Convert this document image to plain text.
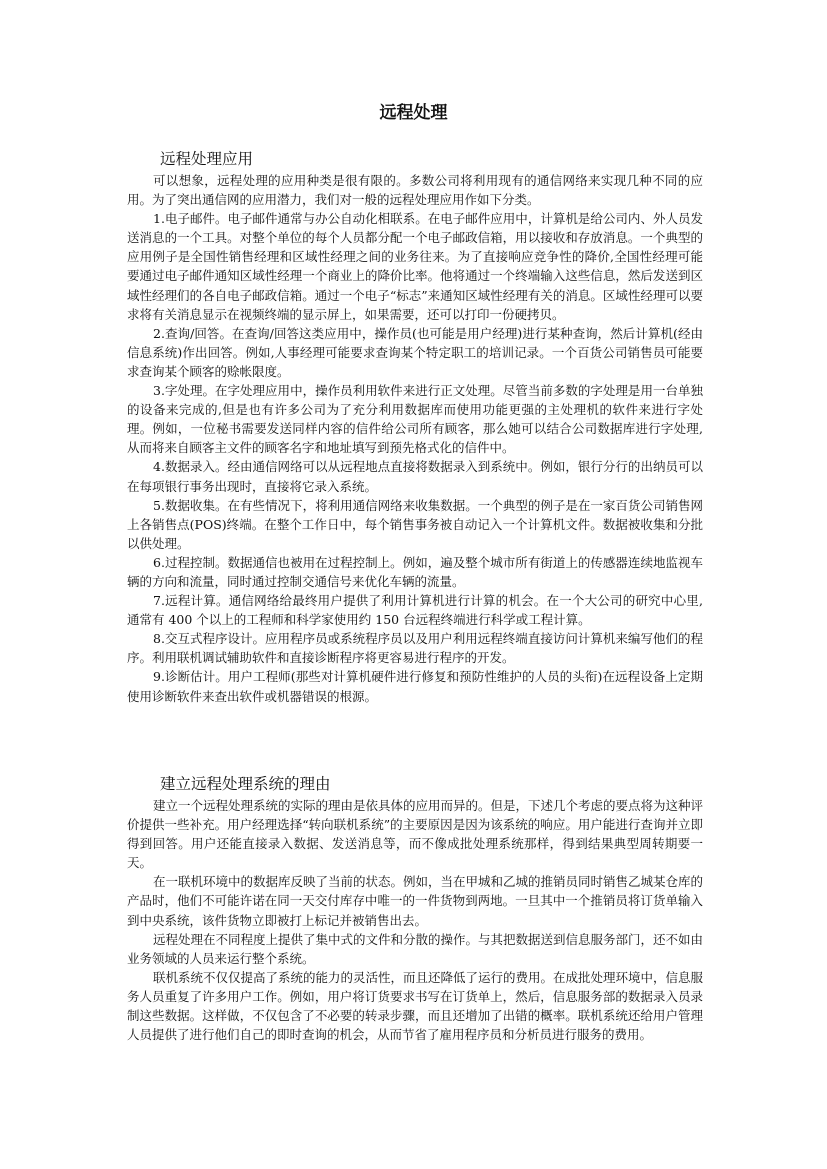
远程处理
远程处理应用

可以想象，远程处理的应用种类是很有限的。多数公司将利用现有的通信网络来实现几种不同的应用。为了突出通信网的应用潜力，我们对一般的远程处理应用作如下分类。

1.电子邮件。电子邮件通常与办公自动化相联系。在电子邮件应用中，计算机是给公司内、外人员发送消息的一个工具。对整个单位的每个人员都分配一个电子邮政信箱，用以接收和存放消息。一个典型的应用例子是全国性销售经理和区域性经理之间的业务往来。为了直接响应竞争性的降价,全国性经理可能要通过电子邮件通知区域性经理一个商业上的降价比率。他将通过一个终端输入这些信息，然后发送到区域性经理们的各自电子邮政信箱。通过一个电子“标志”来通知区域性经理有关的消息。区域性经理可以要求将有关消息显示在视频终端的显示屏上，如果需要，还可以打印一份硬拷贝。

2.查询/回答。在查询/回答这类应用中，操作员(也可能是用户经理)进行某种查询，然后计算机(经由信息系统)作出回答。例如,人事经理可能要求查询某个特定职工的培训记录。一个百货公司销售员可能要求查询某个顾客的赊帐限度。

3.字处理。在字处理应用中，操作员利用软件来进行正文处理。尽管当前多数的字处理是用一台单独的设备来完成的,但是也有许多公司为了充分利用数据库而使用功能更强的主处理机的软件来进行字处理。例如，一位秘书需要发送同样内容的信件给公司所有顾客，那么她可以结合公司数据库进行字处理,从而将来自顾客主文件的顾客名字和地址填写到预先格式化的信件中。

4.数据录入。经由通信网络可以从远程地点直接将数据录入到系统中。例如，银行分行的出纳员可以在每项银行事务出现时，直接将它录入系统。

5.数据收集。在有些情况下，将利用通信网络来收集数据。一个典型的例子是在一家百货公司销售网上各销售点(POS)终端。在整个工作日中，每个销售事务被自动记入一个计算机文件。数据被收集和分批以供处理。

6.过程控制。数据通信也被用在过程控制上。例如，遍及整个城市所有街道上的传感器连续地监视车辆的方向和流量，同时通过控制交通信号来优化车辆的流量。

7.远程计算。通信网络给最终用户提供了利用计算机进行计算的机会。在一个大公司的研究中心里,通常有 400 个以上的工程师和科学家使用约 150 台远程终端进行科学或工程计算。

8.交互式程序设计。应用程序员或系统程序员以及用户利用远程终端直接访问计算机来编写他们的程序。利用联机调试辅助软件和直接诊断程序将更容易进行程序的开发。

9.诊断估计。用户工程师(那些对计算机硬件进行修复和预防性维护的人员的头衔)在远程设备上定期使用诊断软件来查出软件或机器错误的根源。

建立远程处理系统的理由

建立一个远程处理系统的实际的理由是依具体的应用而异的。但是，下述几个考虑的要点将为这种评价提供一些补充。用户经理选择“转向联机系统”的主要原因是因为该系统的响应。用户能进行查询并立即得到回答。用户还能直接录入数据、发送消息等，而不像成批处理系统那样，得到结果典型周转期要一天。

在一联机环境中的数据库反映了当前的状态。例如，当在甲城和乙城的推销员同时销售乙城某仓库的产品时，他们不可能许诺在同一天交付库存中唯一的一件货物到两地。一旦其中一个推销员将订货单输入到中央系统，该件货物立即被打上标记并被销售出去。

远程处理在不同程度上提供了集中式的文件和分散的操作。与其把数据送到信息服务部门，还不如由业务领域的人员来运行整个系统。

联机系统不仅仅提高了系统的能力的灵活性，而且还降低了运行的费用。在成批处理环境中，信息服务人员重复了许多用户工作。例如，用户将订货要求书写在订货单上，然后，信息服务部的数据录入员录制这些数据。这样做，不仅包含了不必要的转录步骤，而且还增加了出错的概率。联机系统还给用户管理人员提供了进行他们自己的即时查询的机会，从而节省了雇用程序员和分析员进行服务的费用。
